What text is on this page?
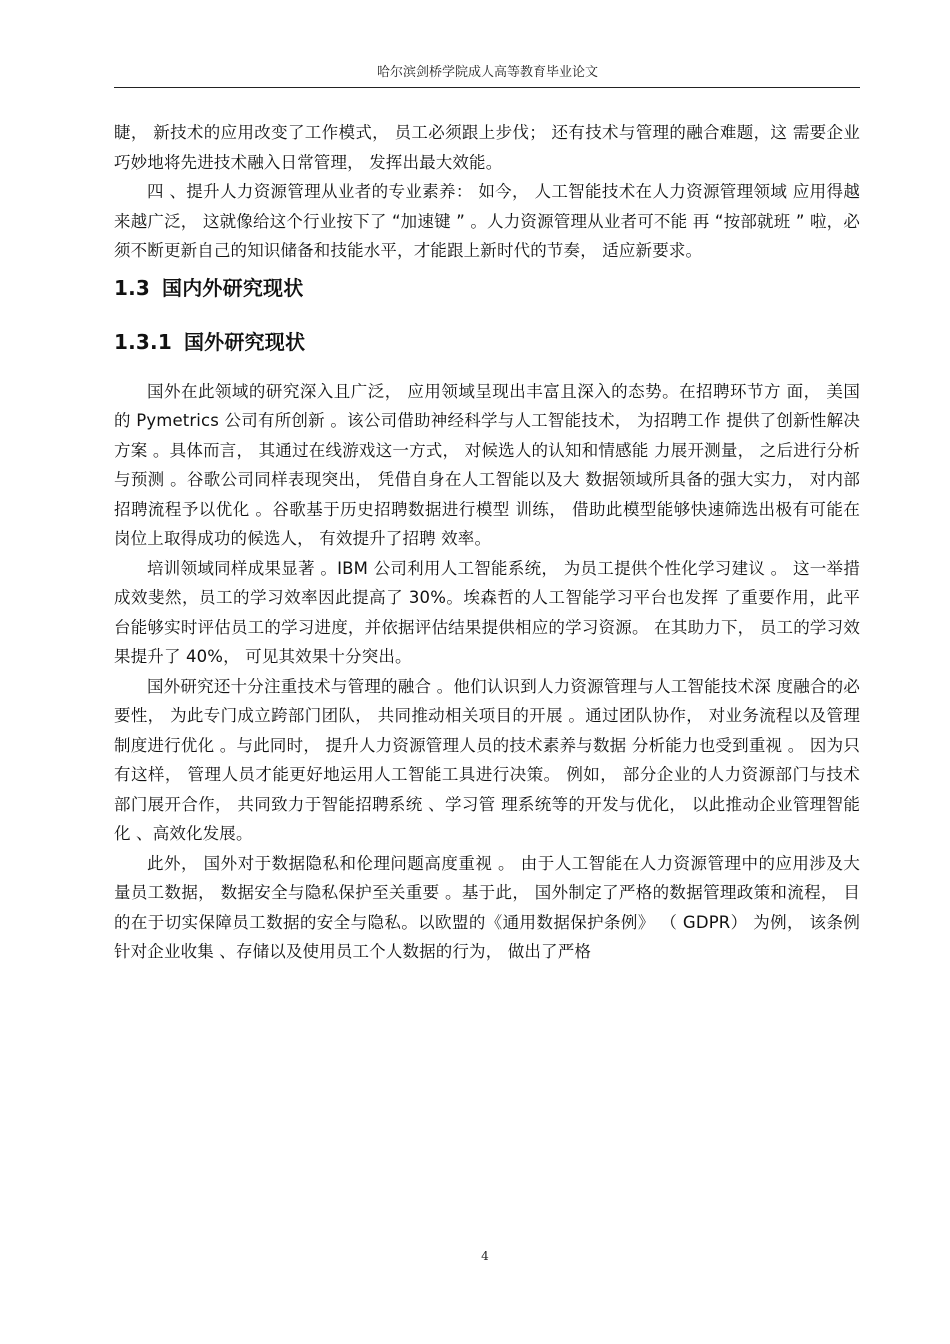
哈尔滨剑桥学院成人高等教育毕业论文

睫， 新技术的应用改变了工作模式， 员工必须跟上步伐； 还有技术与管理的融合难题，这 需要企业巧妙地将先进技术融入日常管理， 发挥出最大效能。

四 、提升人力资源管理从业者的专业素养： 如今， 人工智能技术在人力资源管理领域 应用得越来越广泛， 这就像给这个行业按下了 “加速键 ” 。人力资源管理从业者可不能 再 “按部就班 ” 啦，必须不断更新自己的知识储备和技能水平，才能跟上新时代的节奏， 适应新要求。

1.3 国内外研究现状
1.3.1 国外研究现状

国外在此领域的研究深入且广泛， 应用领域呈现出丰富且深入的态势。在招聘环节方 面， 美国的 Pymetrics 公司有所创新 。该公司借助神经科学与人工智能技术， 为招聘工作 提供了创新性解决方案 。具体而言， 其通过在线游戏这一方式， 对候选人的认知和情感能 力展开测量， 之后进行分析与预测 。谷歌公司同样表现突出， 凭借自身在人工智能以及大 数据领域所具备的强大实力， 对内部招聘流程予以优化 。谷歌基于历史招聘数据进行模型 训练， 借助此模型能够快速筛选出极有可能在岗位上取得成功的候选人， 有效提升了招聘 效率。

培训领域同样成果显著 。IBM 公司利用人工智能系统， 为员工提供个性化学习建议 。 这一举措成效斐然，员工的学习效率因此提高了 30%。埃森哲的人工智能学习平台也发挥 了重要作用，此平台能够实时评估员工的学习进度，并依据评估结果提供相应的学习资源。 在其助力下， 员工的学习效果提升了 40%， 可见其效果十分突出。

国外研究还十分注重技术与管理的融合 。他们认识到人力资源管理与人工智能技术深 度融合的必要性， 为此专门成立跨部门团队， 共同推动相关项目的开展 。通过团队协作， 对业务流程以及管理制度进行优化 。与此同时， 提升人力资源管理人员的技术素养与数据 分析能力也受到重视 。 因为只有这样， 管理人员才能更好地运用人工智能工具进行决策。 例如， 部分企业的人力资源部门与技术部门展开合作， 共同致力于智能招聘系统 、学习管 理系统等的开发与优化， 以此推动企业管理智能化 、高效化发展。

此外， 国外对于数据隐私和伦理问题高度重视 。 由于人工智能在人力资源管理中的应用涉及大量员工数据， 数据安全与隐私保护至关重要 。基于此， 国外制定了严格的数据管理政策和流程， 目的在于切实保障员工数据的安全与隐私。以欧盟的《通用数据保护条例》 （ GDPR） 为例， 该条例针对企业收集 、存储以及使用员工个人数据的行为， 做出了严格

4
